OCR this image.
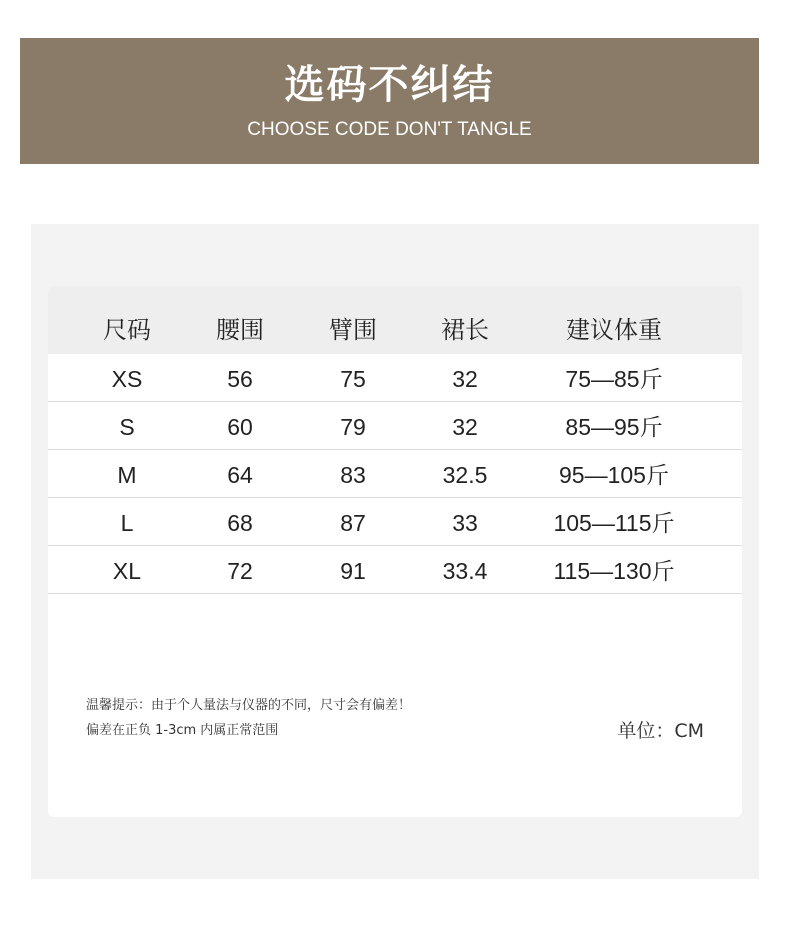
选码不纠结
CHOOSE CODE DON'T TANGLE
尺码	腰围	臂围	裙长	建议体重
XS	56	75	32	75—85斤
S	60	79	32	85—95斤
M	64	83	32.5	95—105斤
L	68	87	33	105—115斤
XL	72	91	33.4	115—130斤
温馨提示：由于个人量法与仪器的不同，尺寸会有偏差！
偏差在正负 1-3cm 内属正常范围	单位：CM
